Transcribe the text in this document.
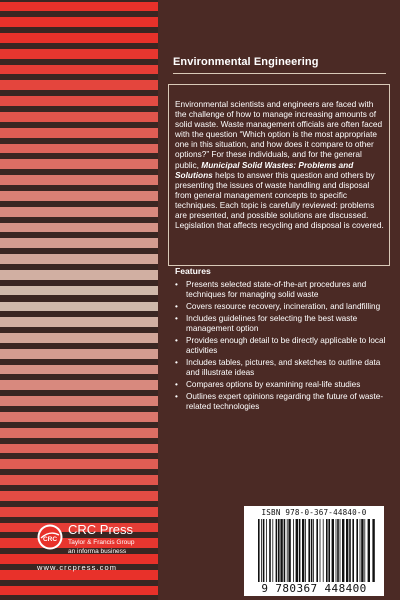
Environmental Engineering

Environmental scientists and engineers are faced with the challenge of how to manage increasing amounts of solid waste. Waste management officials are often faced with the question “Which option is the most appropriate one in this situation, and how does it compare to other options?” For these individuals, and for the general public, Municipal Solid Wastes: Problems and Solutions helps to answer this question and others by presenting the issues of waste handling and disposal from general management concepts to specific techniques. Each topic is carefully reviewed: problems are presented, and possible solutions are discussed. Legislation that affects recycling and disposal is covered.

Features
• Presents selected state-of-the-art procedures and techniques for managing solid waste
• Covers resource recovery, incineration, and landfilling
• Includes guidelines for selecting the best waste management option
• Provides enough detail to be directly applicable to local activities
• Includes tables, pictures, and sketches to outline data and illustrate ideas
• Compares options by examining real-life studies
• Outlines expert opinions regarding the future of waste-related technologies
CRC
CRC Press
Taylor & Francis Group
an informa business
www.crcpress.com
ISBN 978-0-367-44840-0
9 780367 448400
